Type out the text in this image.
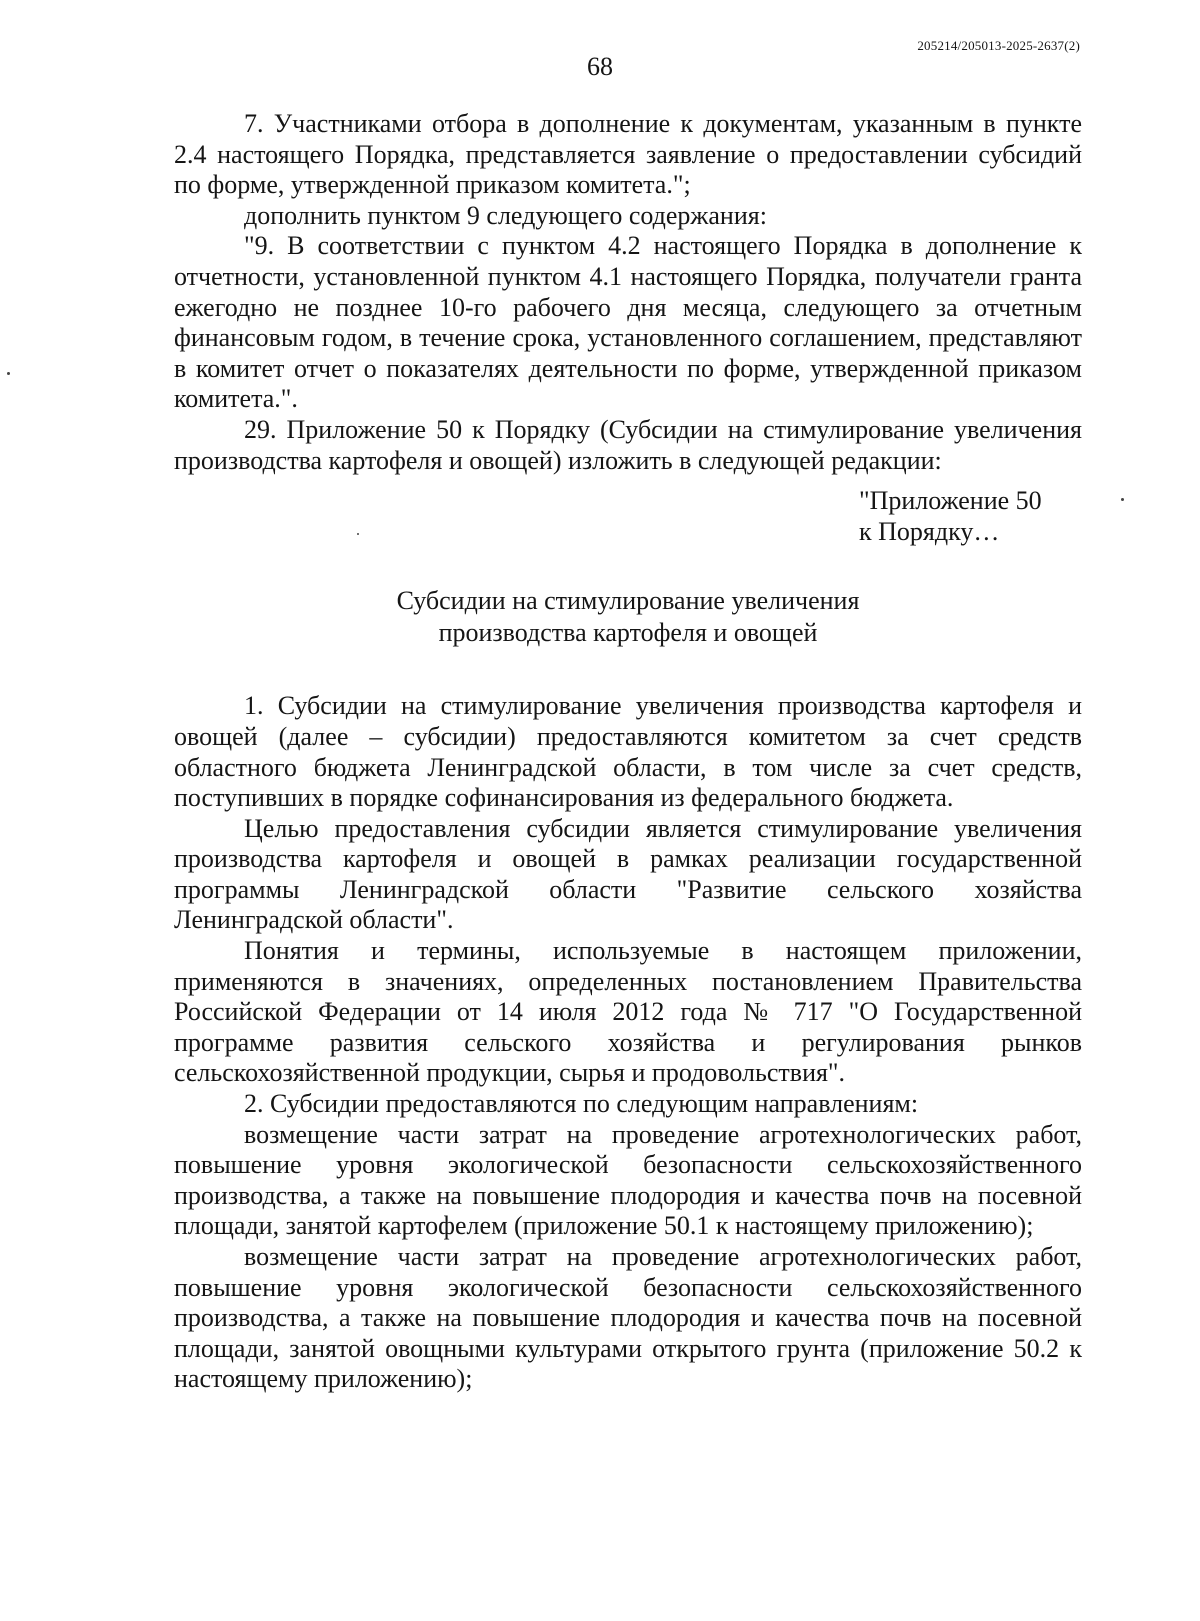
205214/205013-2025-2637(2)
68

7. Участниками отбора в дополнение к документам, указанным в пункте 2.4 настоящего Порядка, представляется заявление о предоставлении субсидий по форме, утвержденной приказом комитета.";

дополнить пунктом 9 следующего содержания:

"9. В соответствии с пунктом 4.2 настоящего Порядка в дополнение к отчетности, установленной пунктом 4.1 настоящего Порядка, получатели гранта ежегодно не позднее 10-го рабочего дня месяца, следующего за отчетным финансовым годом, в течение срока, установленного соглашением, представляют в комитет отчет о показателях деятельности по форме, утвержденной приказом комитета.".

29. Приложение 50 к Порядку (Субсидии на стимулирование увеличения производства картофеля и овощей) изложить в следующей редакции:

"Приложение 50
к Порядку…

Субсидии на стимулирование увеличения
производства картофеля и овощей

1. Субсидии на стимулирование увеличения производства картофеля и овощей (далее – субсидии) предоставляются комитетом за счет средств областного бюджета Ленинградской области, в том числе за счет средств, поступивших в порядке софинансирования из федерального бюджета.

Целью предоставления субсидии является стимулирование увеличения производства картофеля и овощей в рамках реализации государственной программы Ленинградской области "Развитие сельского хозяйства Ленинградской области".

Понятия и термины, используемые в настоящем приложении, применяются в значениях, определенных постановлением Правительства Российской Федерации от 14 июля 2012 года № 717 "О Государственной программе развития сельского хозяйства и регулирования рынков сельскохозяйственной продукции, сырья и продовольствия".

2. Субсидии предоставляются по следующим направлениям:

возмещение части затрат на проведение агротехнологических работ, повышение уровня экологической безопасности сельскохозяйственного производства, а также на повышение плодородия и качества почв на посевной площади, занятой картофелем (приложение 50.1 к настоящему приложению);

возмещение части затрат на проведение агротехнологических работ, повышение уровня экологической безопасности сельскохозяйственного производства, а также на повышение плодородия и качества почв на посевной площади, занятой овощными культурами открытого грунта (приложение 50.2 к настоящему приложению);
